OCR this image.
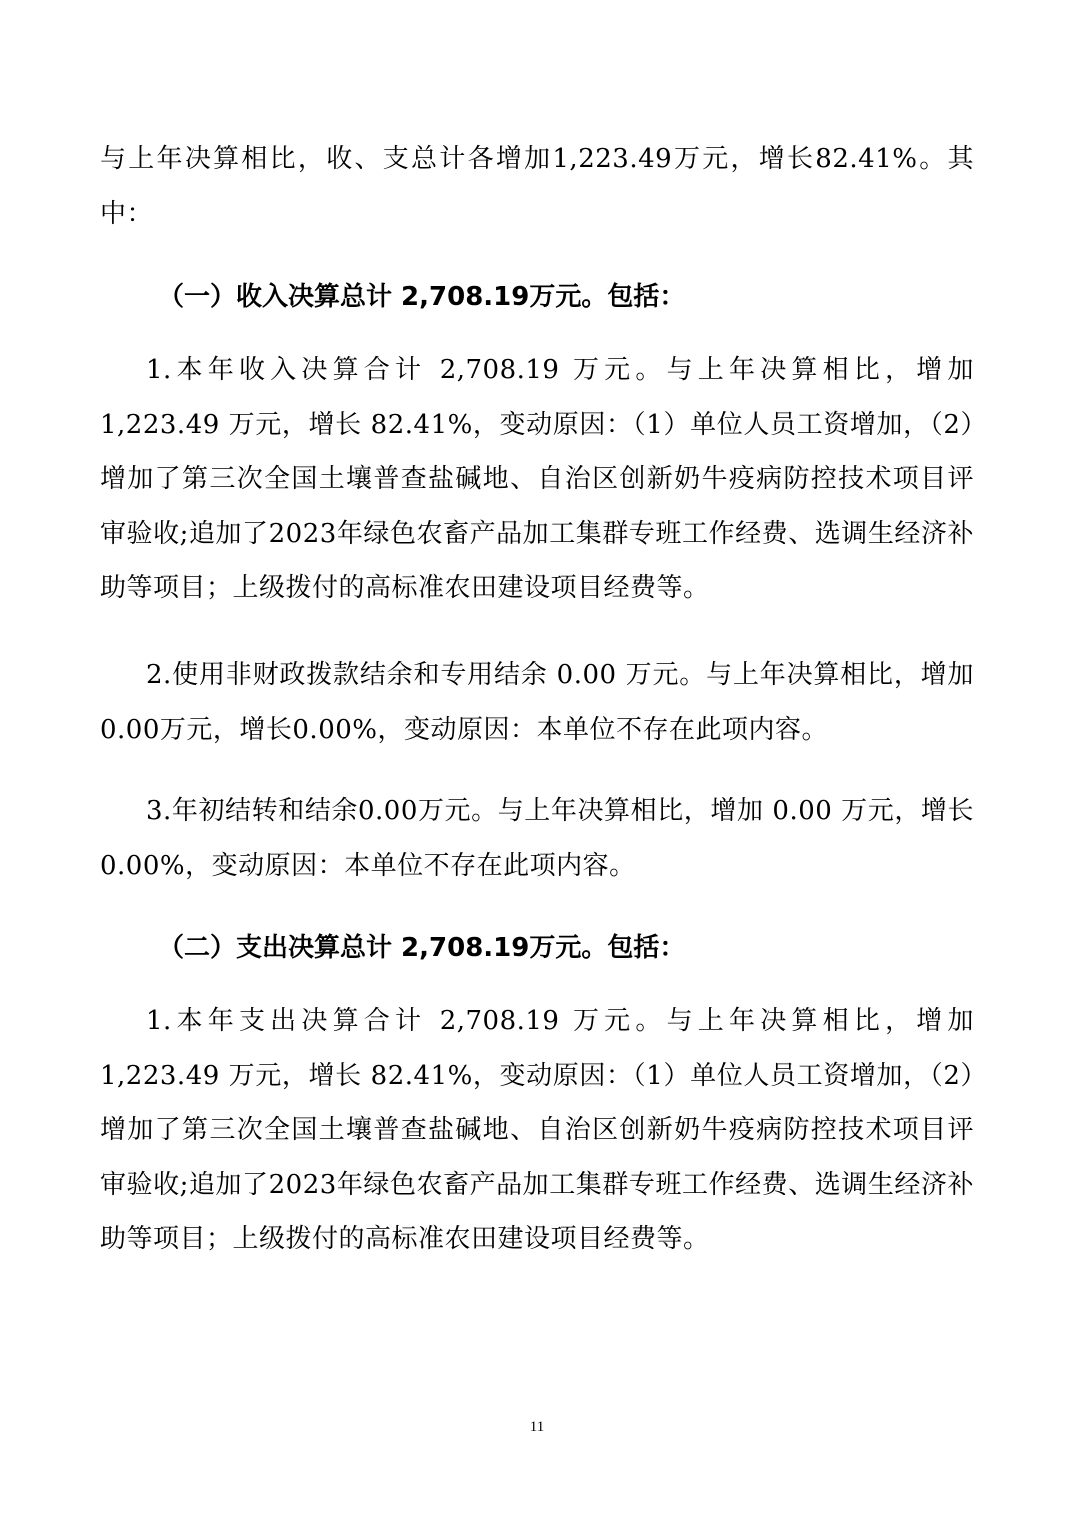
与上年决算相比，收、支总计各增加1,223.49万元，增长82.41%。其中：

（一）收入决算总计 2,708.19万元。包括：

1.本年收入决算合计 2,708.19 万元。与上年决算相比，增加1,223.49 万元，增长 82.41%，变动原因：（1）单位人员工资增加，（2）增加了第三次全国土壤普查盐碱地、自治区创新奶牛疫病防控技术项目评审验收;追加了2023年绿色农畜产品加工集群专班工作经费、选调生经济补助等项目；上级拨付的高标准农田建设项目经费等。

2.使用非财政拨款结余和专用结余 0.00 万元。与上年决算相比，增加0.00万元，增长0.00%，变动原因：本单位不存在此项内容。

3.年初结转和结余0.00万元。与上年决算相比，增加 0.00 万元，增长0.00%，变动原因：本单位不存在此项内容。

（二）支出决算总计 2,708.19万元。包括：

1.本年支出决算合计 2,708.19 万元。与上年决算相比，增加1,223.49 万元，增长 82.41%，变动原因：（1）单位人员工资增加，（2）增加了第三次全国土壤普查盐碱地、自治区创新奶牛疫病防控技术项目评审验收;追加了2023年绿色农畜产品加工集群专班工作经费、选调生经济补助等项目；上级拨付的高标准农田建设项目经费等。

11
